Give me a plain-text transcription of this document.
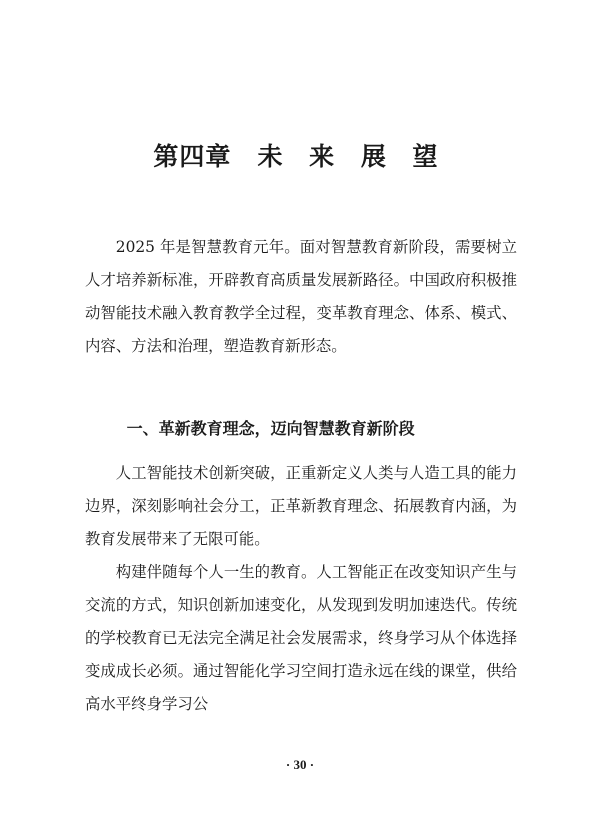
第四章 未 来 展 望

2025 年是智慧教育元年。面对智慧教育新阶段，需要树立人才培养新标准，开辟教育高质量发展新路径。中国政府积极推动智能技术融入教育教学全过程，变革教育理念、体系、模式、内容、方法和治理，塑造教育新形态。

一、革新教育理念，迈向智慧教育新阶段

人工智能技术创新突破，正重新定义人类与人造工具的能力边界，深刻影响社会分工，正革新教育理念、拓展教育内涵，为教育发展带来了无限可能。

构建伴随每个人一生的教育。人工智能正在改变知识产生与交流的方式，知识创新加速变化，从发现到发明加速迭代。传统的学校教育已无法完全满足社会发展需求，终身学习从个体选择变成成长必须。通过智能化学习空间打造永远在线的课堂，供给高水平终身学习公

· 30 ·
